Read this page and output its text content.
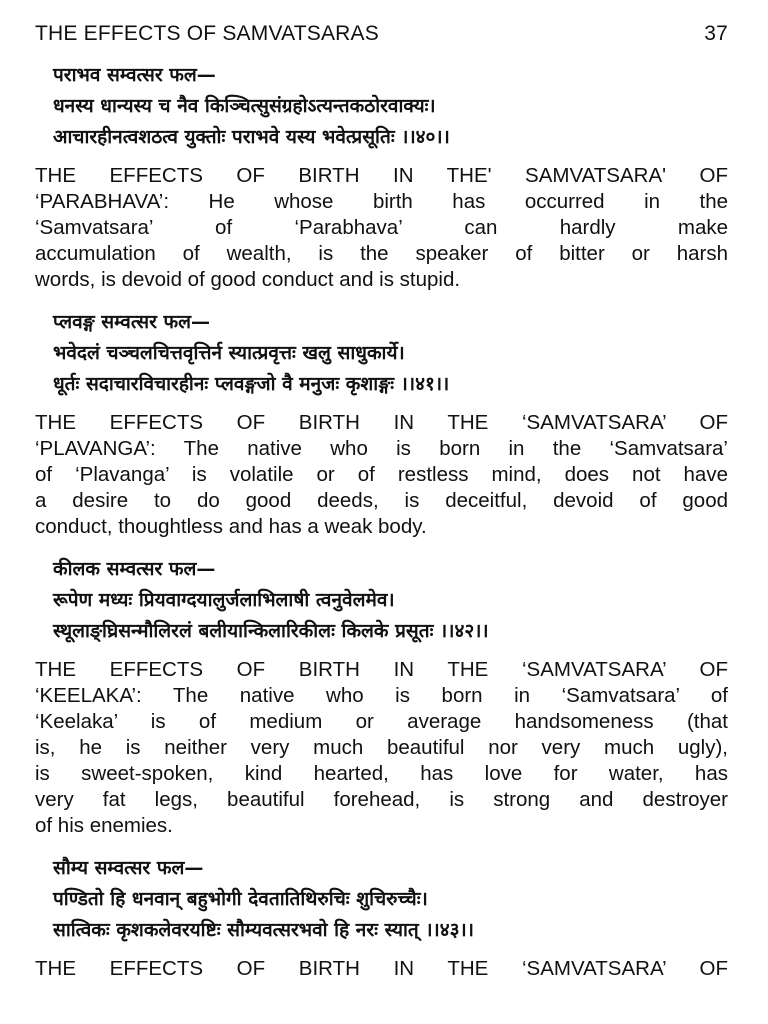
THE EFFECTS OF SAMVATSARAS	37
पराभव सम्वत्सर फल—
धनस्य धान्यस्य च नैव किञ्चित्सुसंग्रहोऽत्यन्तकठोरवाक्यः।
आचारहीनत्वशठत्व युक्तोः पराभवे यस्य भवेत्प्रसूतिः ।।४०।।
THE EFFECTS OF BIRTH IN THE' SAMVATSARA' OF
‘PARABHAVA’: He whose birth has occurred in the
‘Samvatsara’ of ‘Parabhava’ can hardly make
accumulation of wealth, is the speaker of bitter or harsh
words, is devoid of good conduct and is stupid.
प्लवङ्ग सम्वत्सर फल—
भवेदलं चञ्चलचित्तवृत्तिर्न स्यात्प्रवृत्तः खलु साधुकार्ये।
धूर्तः सदाचारविचारहीनः प्लवङ्गजो वै मनुजः कृशाङ्गः ।।४१।।
THE EFFECTS OF BIRTH IN THE ‘SAMVATSARA’ OF
‘PLAVANGA’: The native who is born in the ‘Samvatsara’
of ‘Plavanga’ is volatile or of restless mind, does not have
a desire to do good deeds, is deceitful, devoid of good
conduct, thoughtless and has a weak body.
कीलक सम्वत्सर फल—
रूपेण मध्यः प्रियवाग्दयालुर्जलाभिलाषी त्वनुवेलमेव।
स्थूलाङ्घ्रिसन्मौलिरलं बलीयान्किलारिकीलः किलके प्रसूतः ।।४२।।
THE EFFECTS OF BIRTH IN THE ‘SAMVATSARA’ OF
‘KEELAKA’: The native who is born in ‘Samvatsara’ of
‘Keelaka’ is of medium or average handsomeness (that
is, he is neither very much beautiful nor very much ugly),
is sweet-spoken, kind hearted, has love for water, has
very fat legs, beautiful forehead, is strong and destroyer
of his enemies.
सौम्य सम्वत्सर फल—
पण्डितो हि धनवान् बहुभोगी देवतातिथिरुचिः शुचिरुच्चैः।
सात्विकः कृशकलेवरयष्टिः सौम्यवत्सरभवो हि नरः स्यात् ।।४३।।
THE EFFECTS OF BIRTH IN THE ‘SAMVATSARA’ OF
